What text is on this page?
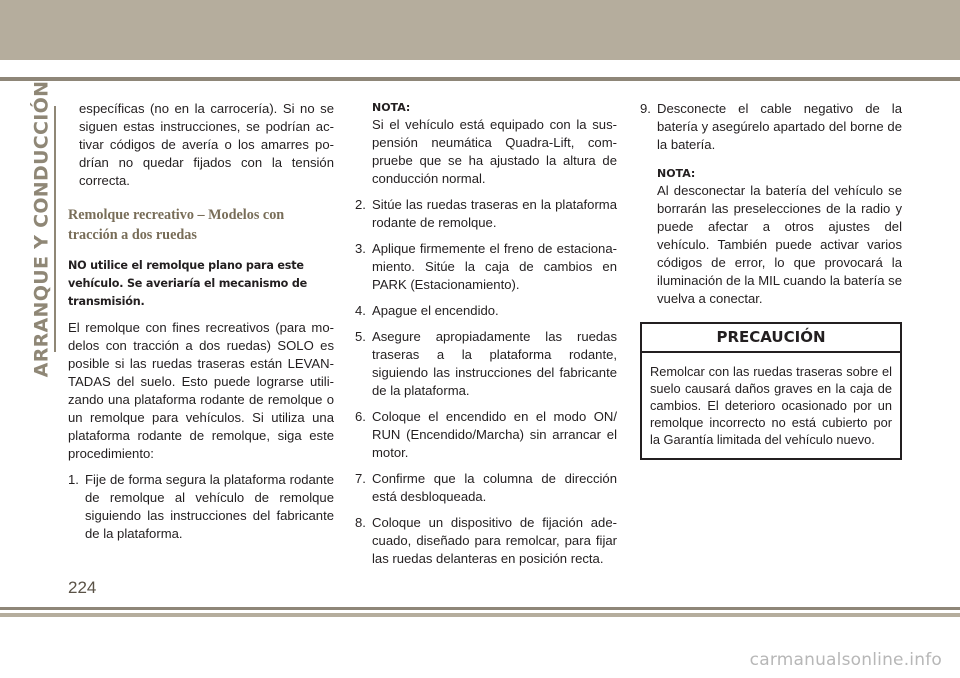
ARRANQUE Y CONDUCCIÓN	específicas (no en la carrocería). Si no se siguen estas instrucciones, se podrían activar códigos de avería o los amarres podrían no quedar fijados con la tensión correcta.

Remolque recreativo – Modelos con tracción a dos ruedas

NO utilice el remolque plano para este vehículo. Se averiaría el mecanismo de transmisión.

El remolque con fines recreativos (para modelos con tracción a dos ruedas) SOLO es posible si las ruedas traseras están LEVANTADAS del suelo. Esto puede lograrse utilizando una plataforma rodante de remolque o un remolque para vehículos. Si utiliza una plataforma rodante de remolque, siga este procedimiento:

1. Fije de forma segura la plataforma rodante de remolque al vehículo de remolque siguiendo las instrucciones del fabricante de la plataforma.

NOTA:

Si el vehículo está equipado con la suspensión neumática Quadra-Lift, compruebe que se ha ajustado la altura de conducción normal.

2. Sitúe las ruedas traseras en la plataforma rodante de remolque.
3. Aplique firmemente el freno de estacionamiento. Sitúe la caja de cambios en PARK (Estacionamiento).
4. Apague el encendido.
5. Asegure apropiadamente las ruedas traseras a la plataforma rodante, siguiendo las instrucciones del fabricante de la plataforma.
6. Coloque el encendido en el modo ON/ RUN (Encendido/Marcha) sin arrancar el motor.
7. Confirme que la columna de dirección está desbloqueada.
8. Coloque un dispositivo de fijación adecuado, diseñado para remolcar, para fijar las ruedas delanteras en posición recta.
9. Desconecte el cable negativo de la batería y asegúrelo apartado del borne de la batería.

NOTA:

Al desconectar la batería del vehículo se borrarán las preselecciones de la radio y puede afectar a otros ajustes del vehículo. También puede activar varios códigos de error, lo que provocará la iluminación de la MIL cuando la batería se vuelva a conectar.

PRECAUCIÓN
Remolcar con las ruedas traseras sobre el suelo causará daños graves en la caja de cambios. El deterioro ocasionado por un remolque incorrecto no está cubierto por la Garantía limitada del vehículo nuevo.
224
carmanualsonline.info
